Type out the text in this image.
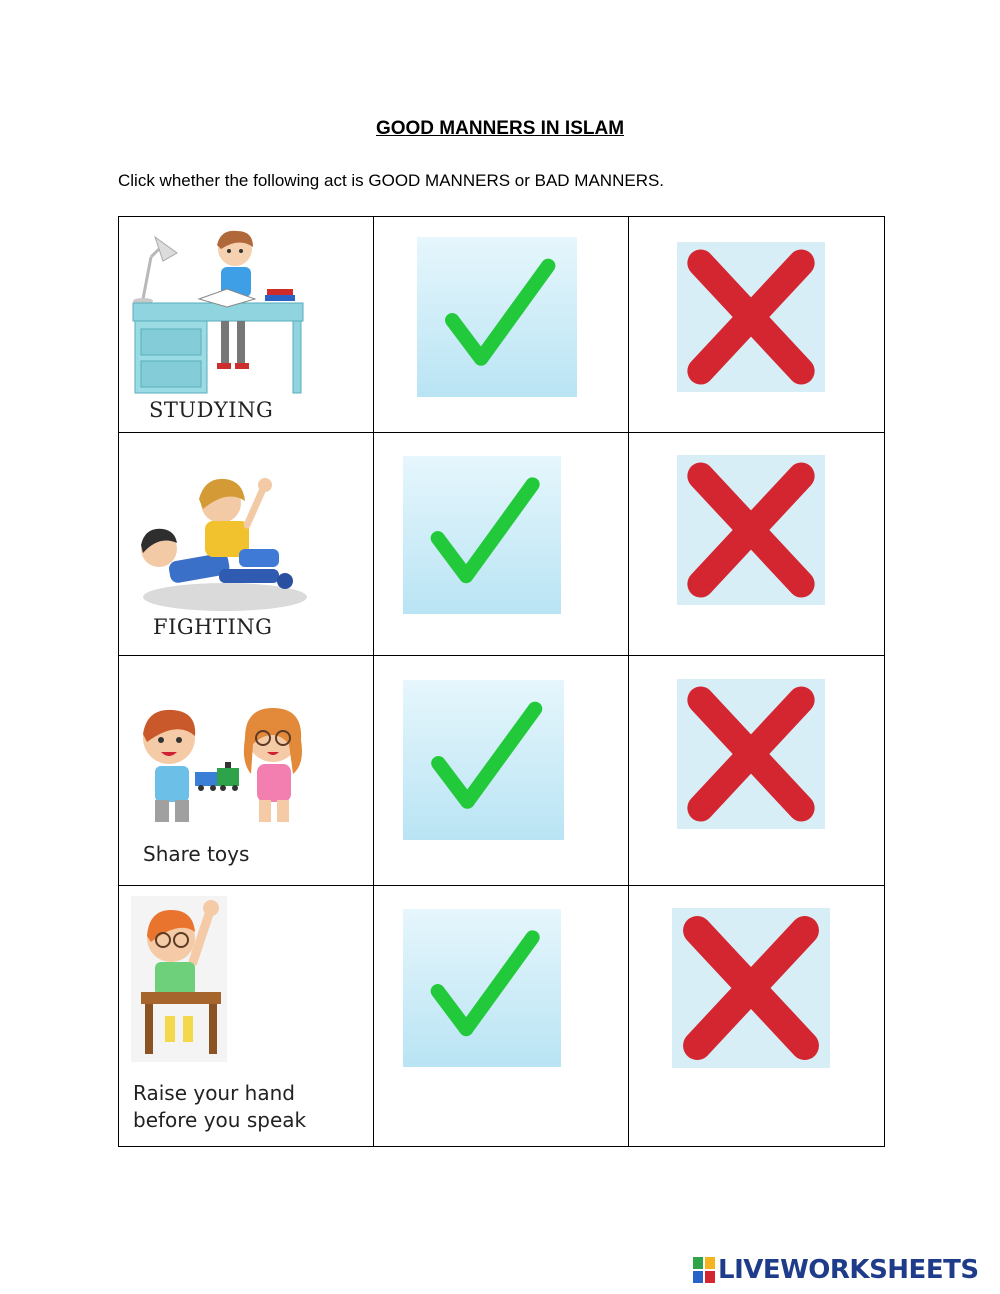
GOOD MANNERS IN ISLAM
Click whether the following act is GOOD MANNERS or BAD MANNERS.
STUDYING

FIGHTING

Share toys

Raise your hand
before you speak

LIVEWORKSHEETS
